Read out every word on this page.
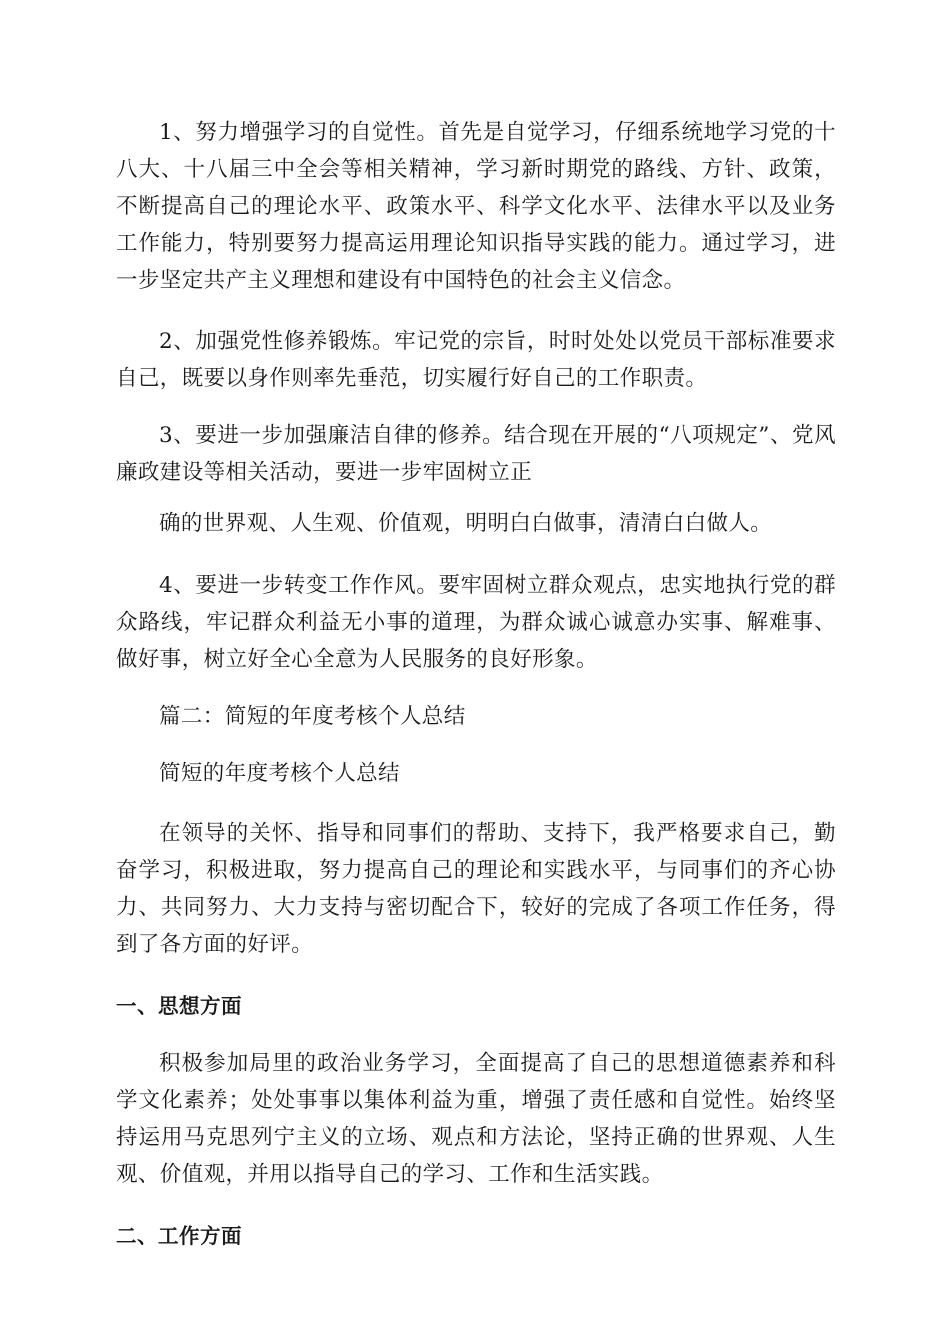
1、努力增强学习的自觉性。首先是自觉学习，仔细系统地学习党的十八大、十八届三中全会等相关精神，学习新时期党的路线、方针、政策，不断提高自己的理论水平、政策水平、科学文化水平、法律水平以及业务工作能力，特别要努力提高运用理论知识指导实践的能力。通过学习，进一步坚定共产主义理想和建设有中国特色的社会主义信念。

2、加强党性修养锻炼。牢记党的宗旨，时时处处以党员干部标准要求自己，既要以身作则率先垂范，切实履行好自己的工作职责。

3、要进一步加强廉洁自律的修养。结合现在开展的“八项规定”、党风廉政建设等相关活动，要进一步牢固树立正

确的世界观、人生观、价值观，明明白白做事，清清白白做人。

4、要进一步转变工作作风。要牢固树立群众观点，忠实地执行党的群众路线，牢记群众利益无小事的道理，为群众诚心诚意办实事、解难事、做好事，树立好全心全意为人民服务的良好形象。

篇二：简短的年度考核个人总结

简短的年度考核个人总结

在领导的关怀、指导和同事们的帮助、支持下，我严格要求自己，勤奋学习，积极进取，努力提高自己的理论和实践水平，与同事们的齐心协力、共同努力、大力支持与密切配合下，较好的完成了各项工作任务，得到了各方面的好评。

一、思想方面

积极参加局里的政治业务学习，全面提高了自己的思想道德素养和科学文化素养；处处事事以集体利益为重，增强了责任感和自觉性。始终坚持运用马克思列宁主义的立场、观点和方法论，坚持正确的世界观、人生观、价值观，并用以指导自己的学习、工作和生活实践。

二、工作方面
